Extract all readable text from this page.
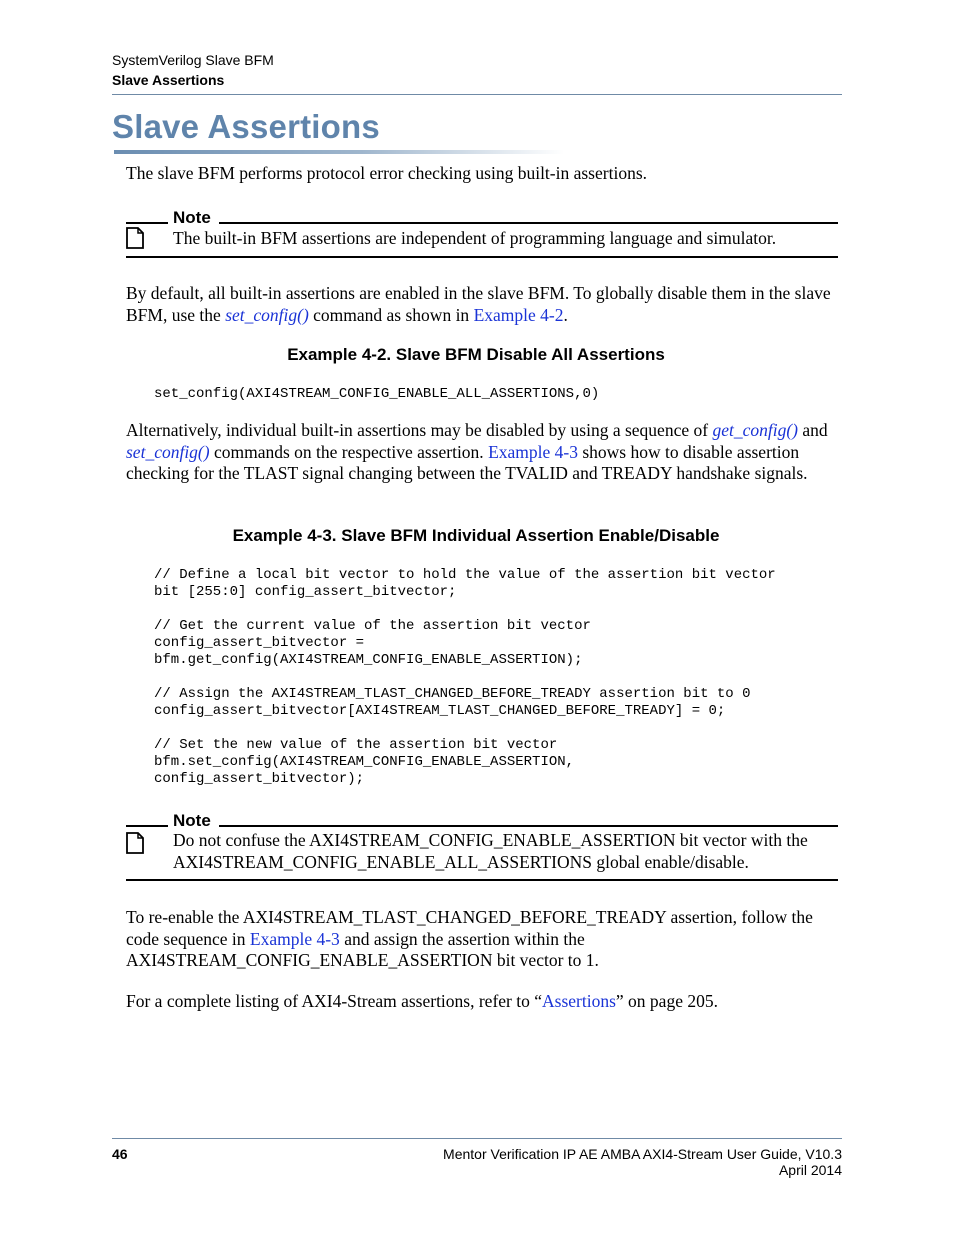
SystemVerilog Slave BFM
Slave Assertions
Slave Assertions
The slave BFM performs protocol error checking using built-in assertions.
Note
The built-in BFM assertions are independent of programming language and simulator.
By default, all built-in assertions are enabled in the slave BFM. To globally disable them in the slave BFM, use the set_config() command as shown in Example 4-2.
Example 4-2. Slave BFM Disable All Assertions
set_config(AXI4STREAM_CONFIG_ENABLE_ALL_ASSERTIONS,0)
Alternatively, individual built-in assertions may be disabled by using a sequence of get_config() and set_config() commands on the respective assertion. Example 4-3 shows how to disable assertion checking for the TLAST signal changing between the TVALID and TREADY handshake signals.
Example 4-3. Slave BFM Individual Assertion Enable/Disable
// Define a local bit vector to hold the value of the assertion bit vector
bit [255:0] config_assert_bitvector;

// Get the current value of the assertion bit vector
config_assert_bitvector =
bfm.get_config(AXI4STREAM_CONFIG_ENABLE_ASSERTION);

// Assign the AXI4STREAM_TLAST_CHANGED_BEFORE_TREADY assertion bit to 0
config_assert_bitvector[AXI4STREAM_TLAST_CHANGED_BEFORE_TREADY] = 0;

// Set the new value of the assertion bit vector
bfm.set_config(AXI4STREAM_CONFIG_ENABLE_ASSERTION,
config_assert_bitvector);
Note
Do not confuse the AXI4STREAM_CONFIG_ENABLE_ASSERTION bit vector with the AXI4STREAM_CONFIG_ENABLE_ALL_ASSERTIONS global enable/disable.
To re-enable the AXI4STREAM_TLAST_CHANGED_BEFORE_TREADY assertion, follow the code sequence in Example 4-3 and assign the assertion within the AXI4STREAM_CONFIG_ENABLE_ASSERTION bit vector to 1.
For a complete listing of AXI4-Stream assertions, refer to “Assertions” on page 205.
46	Mentor Verification IP AE AMBA AXI4-Stream User Guide, V10.3
April 2014
